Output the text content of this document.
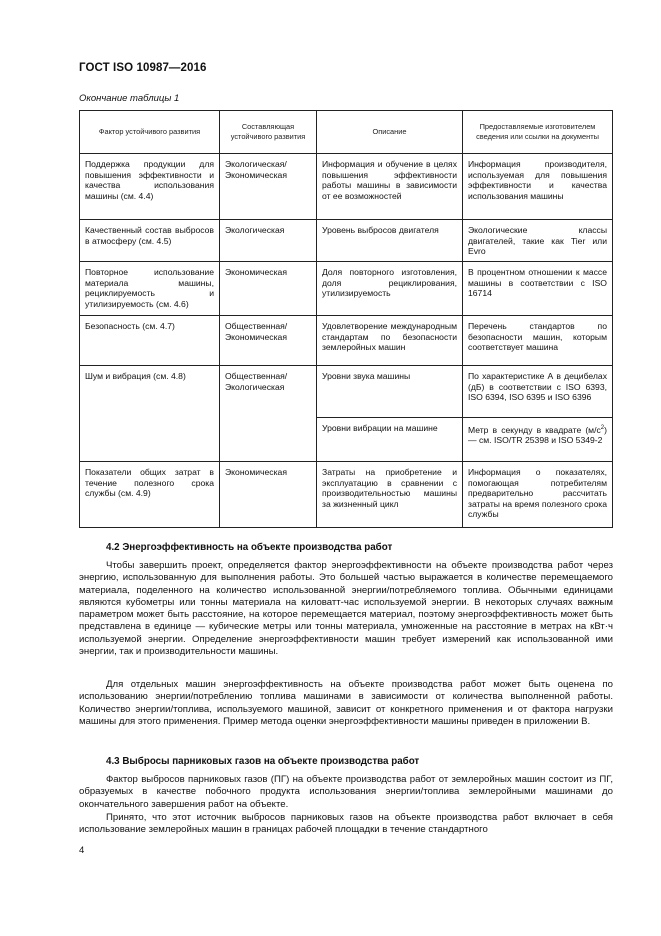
ГОСТ ISO 10987—2016
Окончание таблицы 1
Фактор устойчивого развития	Составляющая устойчивого развития	Описание	Предоставляемые изготовителем сведения или ссылки на документы
Поддержка продукции для повышения эффективности и качества использования машины (см. 4.4)	Экологическая/ Экономическая	Информация и обучение в целях повышения эффективности работы машины в зависимости от ее возможностей	Информация производителя, используемая для повышения эффективности и качества использования машины
Качественный состав выбросов в атмосферу (см. 4.5)	Экологическая	Уровень выбросов двигателя	Экологические классы двигателей, такие как Tier или Evro
Повторное использование материала машины, рециклируемость и утилизируемость (см. 4.6)	Экономическая	Доля повторного изготовления, доля рециклирования, утилизируемость	В процентном отношении к массе машины в соответствии с ISO 16714
Безопасность (см. 4.7)	Общественная/ Экономическая	Удовлетворение международным стандартам по безопасности землеройных машин	Перечень стандартов по безопасности машин, которым соответствует машина
Шум и вибрация (см. 4.8)	Общественная/ Экологическая	Уровни звука машины	По характеристике А в децибелах (дБ) в соответствии с ISO 6393, ISO 6394, ISO 6395 и ISO 6396
		Уровни вибрации на машине	Метр в секунду в квадрате $(м/с^2)$ — см. ISO/TR 25398 и ISO 5349-2
Показатели общих затрат в течение полезного срока службы (см. 4.9)	Экономическая	Затраты на приобретение и эксплуатацию в сравнении с производительностью машины за жизненный цикл	Информация о показателях, помогающая потребителям предварительно рассчитать затраты на время полезного срока службы
4.2 Энергоэффективность на объекте производства работ

Чтобы завершить проект, определяется фактор энергоэффективности на объекте производства работ через энергию, использованную для выполнения работы. Это большей частью выражается в количестве перемещаемого материала, поделенного на количество использованной энергии/потребляемого топлива. Обычными единицами являются кубометры или тонны материала на киловатт-час используемой энергии. В некоторых случаях важным параметром может быть расстояние, на которое перемещается материал, поэтому энергоэффективность может быть представлена в единице — кубические метры или тонны материала, умноженные на расстояние в метрах на кВт·ч используемой энергии. Определение энергоэффективности машин требует измерений как использованной ими энергии, так и производительности машины.

Для отдельных машин энергоэффективность на объекте производства работ может быть оценена по использованию энергии/потреблению топлива машинами в зависимости от количества выполненной работы. Количество энергии/топлива, используемого машиной, зависит от конкретного применения и от фактора нагрузки машины для этого применения. Пример метода оценки энергоэффективности машины приведен в приложении В.

4.3 Выбросы парниковых газов на объекте производства работ

Фактор выбросов парниковых газов (ПГ) на объекте производства работ от землеройных машин состоит из ПГ, образуемых в качестве побочного продукта использования энергии/топлива землеройными машинами до окончательного завершения работ на объекте.

Принято, что этот источник выбросов парниковых газов на объекте производства работ включает в себя использование землеройных машин в границах рабочей площадки в течение стандартного

4
